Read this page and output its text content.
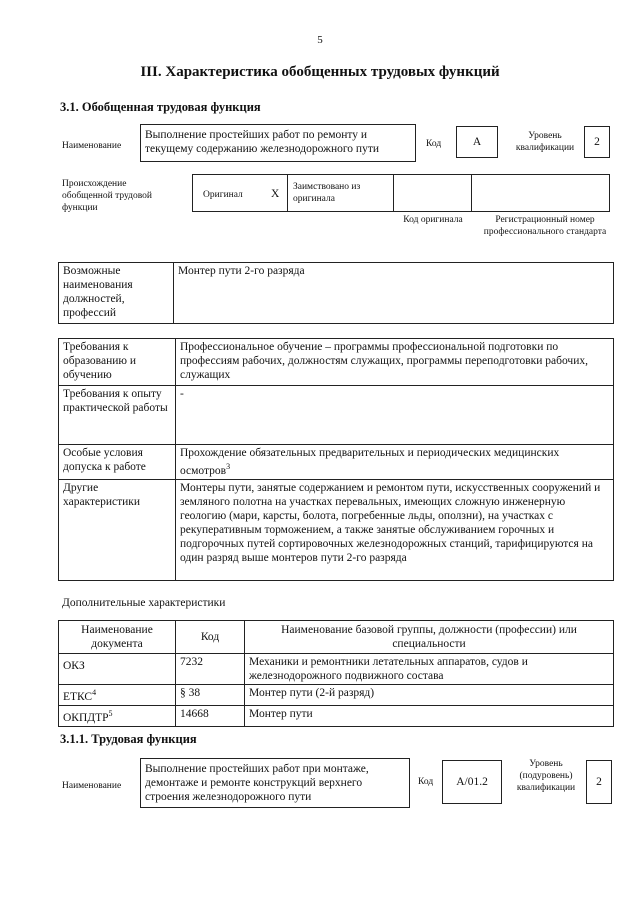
5
III. Характеристика обобщенных трудовых функций
3.1. Обобщенная трудовая функция
Наименование
Выполнение простейших работ по ремонту и текущему содержанию железнодорожного пути	Код	А	Уровень квалификации	2
Происхождение обобщенной трудовой функции
Оригинал X
Заимствовано из оригинала
Код оригинала	Регистрационный номер профессионального стандарта
Возможные наименования должностей, профессий	Монтер пути 2-го разряда
Требования к образованию и обучению	Профессиональное обучение – программы профессиональной подготовки по профессиям рабочих, должностям служащих, программы переподготовки рабочих, служащих
Требования к опыту практической работы	-
Особые условия допуска к работе	Прохождение обязательных предварительных и периодических медицинских осмотров$^3$
Другие характеристики	Монтеры пути, занятые содержанием и ремонтом пути, искусственных сооружений и земляного полотна на участках перевальных, имеющих сложную инженерную геологию (мари, карсты, болота, погребенные льды, оползни), на участках с рекуперативным торможением, а также занятые обслуживанием горочных и подгорочных путей сортировочных железнодорожных станций, тарифицируются на один разряд выше монтеров пути 2-го разряда
Дополнительные характеристики
Наименование документа	Код	Наименование базовой группы, должности (профессии) или специальности
ОКЗ	7232	Механики и ремонтники летательных аппаратов, судов и железнодорожного подвижного состава
ЕТКС$^4$	§ 38	Монтер пути (2-й разряд)
ОКПДТР$^5$	14668	Монтер пути
3.1.1. Трудовая функция
Наименование
Выполнение простейших работ при монтаже, демонтаже и ремонте конструкций верхнего строения железнодорожного пути
Код	А/01.2
Уровень (подуровень) квалификации	2
